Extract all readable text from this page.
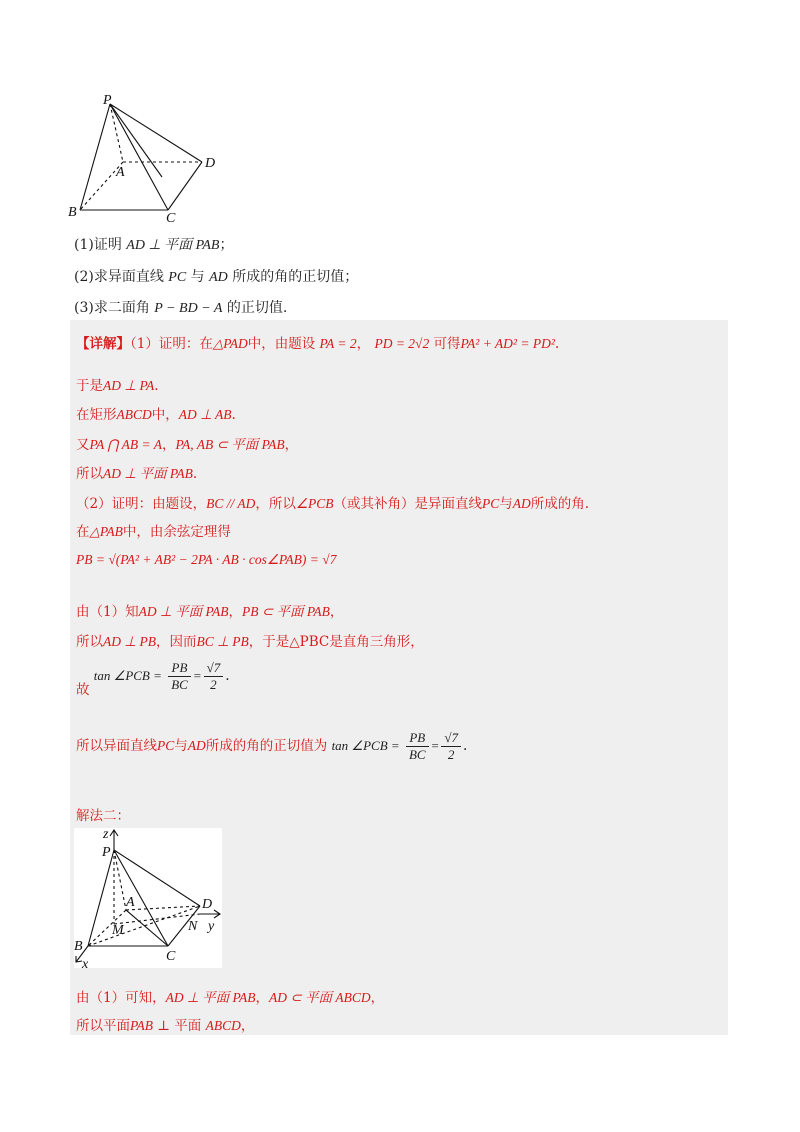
P
A
B	C
D
(1)证明 AD ⊥ 平面 PAB；
(2)求异面直线 PC 与 AD 所成的角的正切值；
(3)求二面角 P − BD − A 的正切值.
【详解】（1）证明：在△PAD中，由题设 PA = 2， PD = 2√2 可得PA² + AD² = PD².
于是AD ⊥ PA.
在矩形ABCD中，AD ⊥ AB.
又PA ⋂ AB = A，PA, AB ⊂ 平面 PAB，
所以AD ⊥ 平面 PAB.
（2）证明：由题设，BC // AD，所以∠PCB（或其补角）是异面直线PC与AD所成的角.
在△PAB中，由余弦定理得
PB = √(PA² + AB² − 2PA · AB · cos∠PAB) = √7
由（1）知AD ⊥ 平面 PAB，PB ⊂ 平面 PAB，
所以AD ⊥ PB，因而BC ⊥ PB，于是△PBC是直角三角形，
故 tan ∠PCB = $\frac{PB}{BC} = \frac{√7}{2}$ .
所以异面直线PC与AD所成的角的正切值为 tan ∠PCB = $\frac{PB}{BC} = \frac{√7}{2}$ .
解法二：
z
P
A
M
D
N y
B
C
x
由（1）可知，AD ⊥ 平面 PAB，AD ⊂ 平面 ABCD，
所以平面PAB ⊥ 平面 ABCD，
